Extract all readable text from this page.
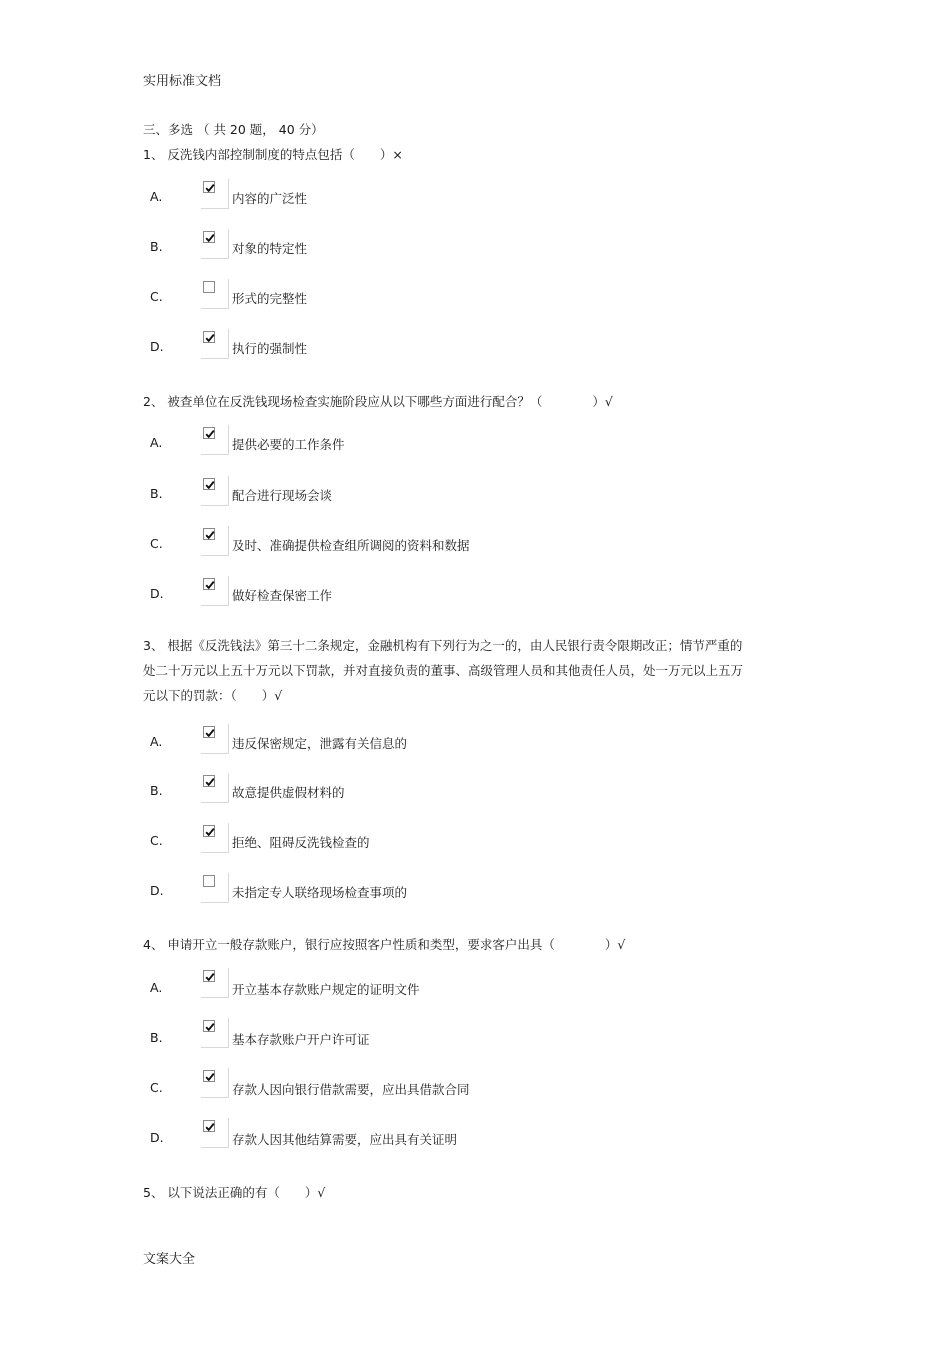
实用标准文档
三、多选 （ 共 20 题， 40 分）
1、 反洗钱内部控制制度的特点包括（　　）×
A.	内容的广泛性
B.	对象的特定性
C.	形式的完整性
D.	执行的强制性
2、 被查单位在反洗钱现场检查实施阶段应从以下哪些方面进行配合？（　　　　）√
A.	提供必要的工作条件
B.	配合进行现场会谈
C.	及时、准确提供检查组所调阅的资料和数据
D.	做好检查保密工作
3、 根据《反洗钱法》第三十二条规定，金融机构有下列行为之一的，由人民银行责令限期改正；情节严重的处二十万元以上五十万元以下罚款，并对直接负责的董事、高级管理人员和其他责任人员，处一万元以上五万元以下的罚款：（　　）√
A.	违反保密规定，泄露有关信息的
B.	故意提供虚假材料的
C.	拒绝、阻碍反洗钱检查的
D.	未指定专人联络现场检查事项的
4、 申请开立一般存款账户，银行应按照客户性质和类型，要求客户出具（　　　　）√
A.	开立基本存款账户规定的证明文件
B.	基本存款账户开户许可证
C.	存款人因向银行借款需要，应出具借款合同
D.	存款人因其他结算需要，应出具有关证明
5、 以下说法正确的有（　　）√
文案大全
